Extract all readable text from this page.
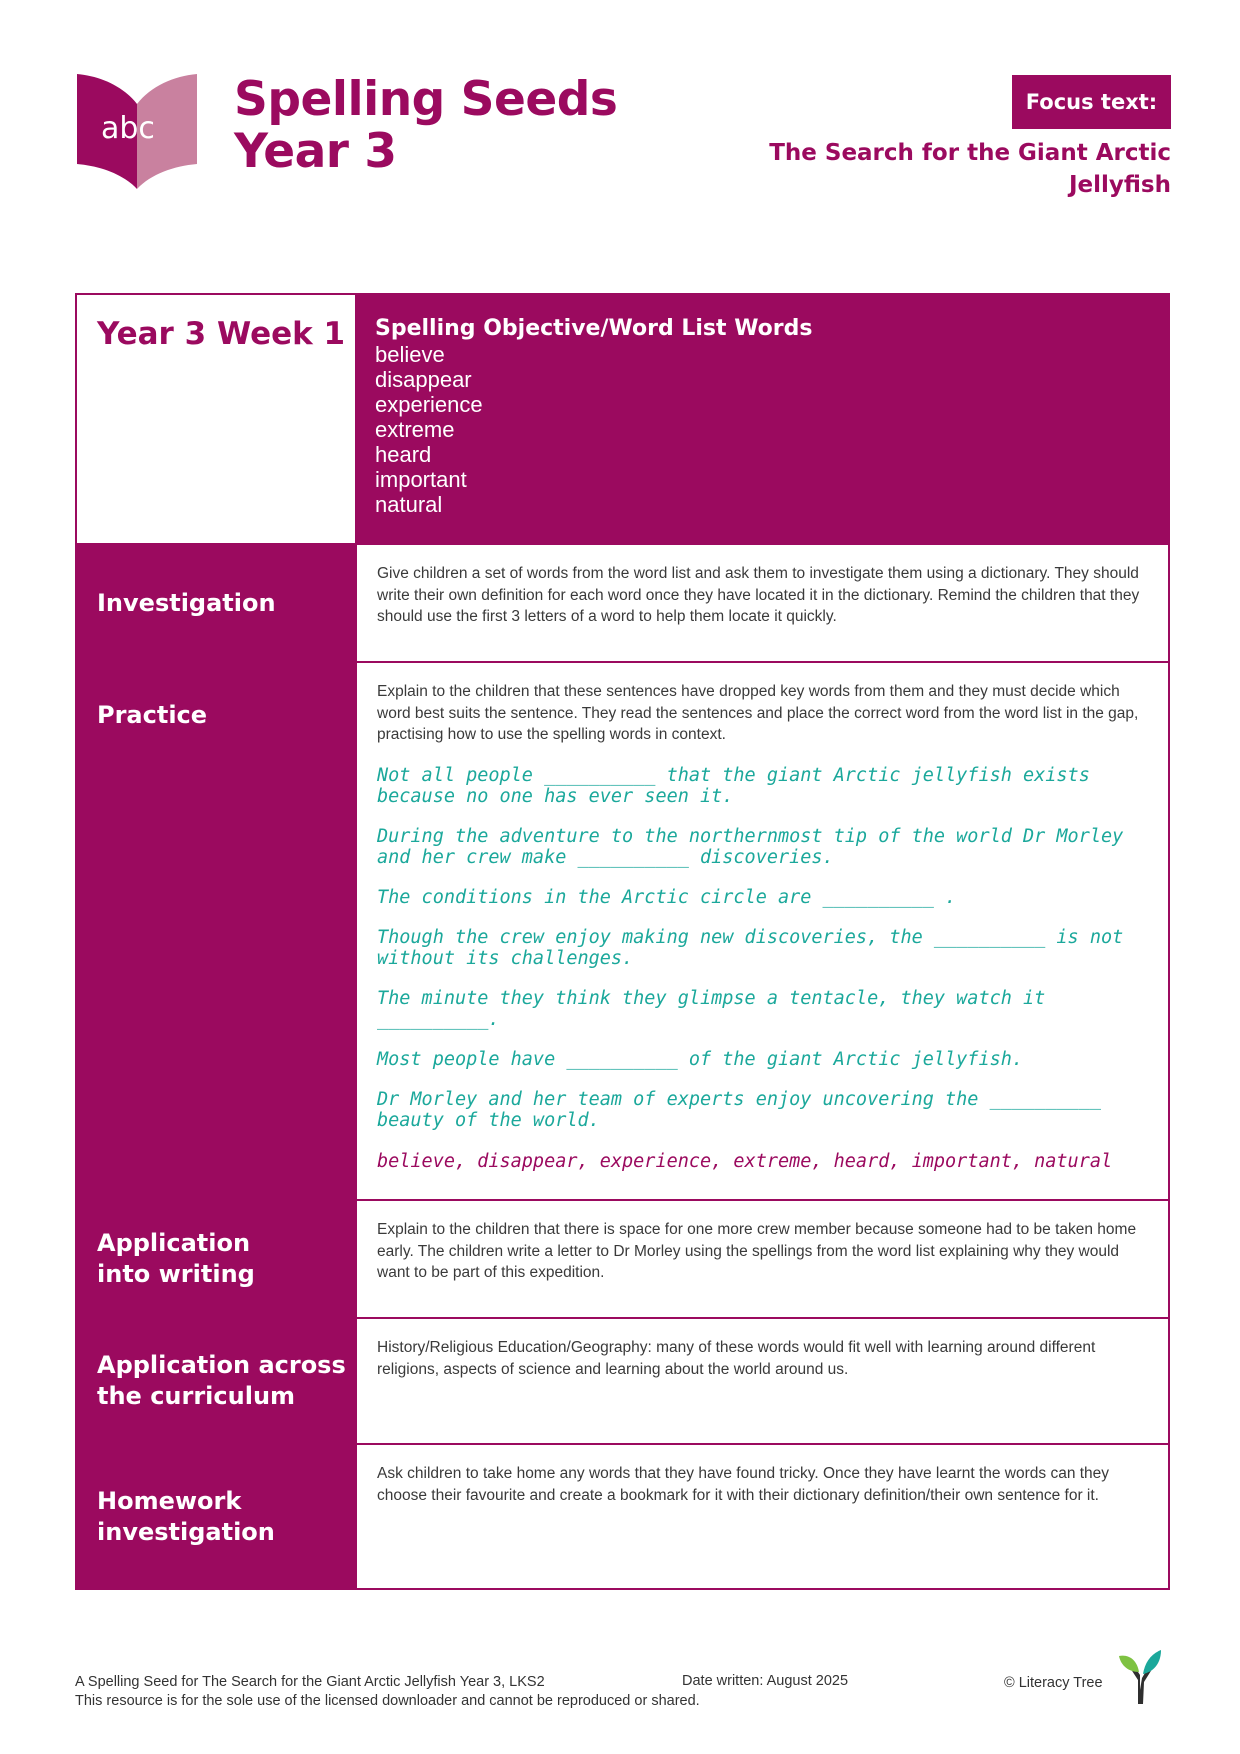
abc
Spelling Seeds
Year 3
Focus text:
The Search for the Giant Arctic Jellyfish
Year 3 Week 1	Spelling Objective/Word List Words
believe
disappear
experience
extreme
heard
important
natural
Investigation
Give children a set of words from the word list and ask them to investigate them using a dictionary. They should write their own definition for each word once they have located it in the dictionary. Remind the children that they should use the first 3 letters of a word to help them locate it quickly.
Practice
Explain to the children that these sentences have dropped key words from them and they must decide which word best suits the sentence. They read the sentences and place the correct word from the word list in the gap, practising how to use the spelling words in context.
Not all people __________ that the giant Arctic jellyfish exists because no one has ever seen it.
During the adventure to the northernmost tip of the world Dr Morley and her crew make __________ discoveries.
The conditions in the Arctic circle are __________ .
Though the crew enjoy making new discoveries, the __________ is not without its challenges.
The minute they think they glimpse a tentacle, they watch it __________.
Most people have __________ of the giant Arctic jellyfish.
Dr Morley and her team of experts enjoy uncovering the __________ beauty of the world.
believe, disappear, experience, extreme, heard, important, natural
Application
into writing
Explain to the children that there is space for one more crew member because someone had to be taken home early. The children write a letter to Dr Morley using the spellings from the word list explaining why they would want to be part of this expedition.
Application across
the curriculum
History/Religious Education/Geography: many of these words would fit well with learning around different religions, aspects of science and learning about the world around us.
Homework
investigation
Ask children to take home any words that they have found tricky. Once they have learnt the words can they choose their favourite and create a bookmark for it with their dictionary definition/their own sentence for it.
A Spelling Seed for The Search for the Giant Arctic Jellyfish Year 3, LKS2
This resource is for the sole use of the licensed downloader and cannot be reproduced or shared.
Date written: August 2025	© Literacy Tree
